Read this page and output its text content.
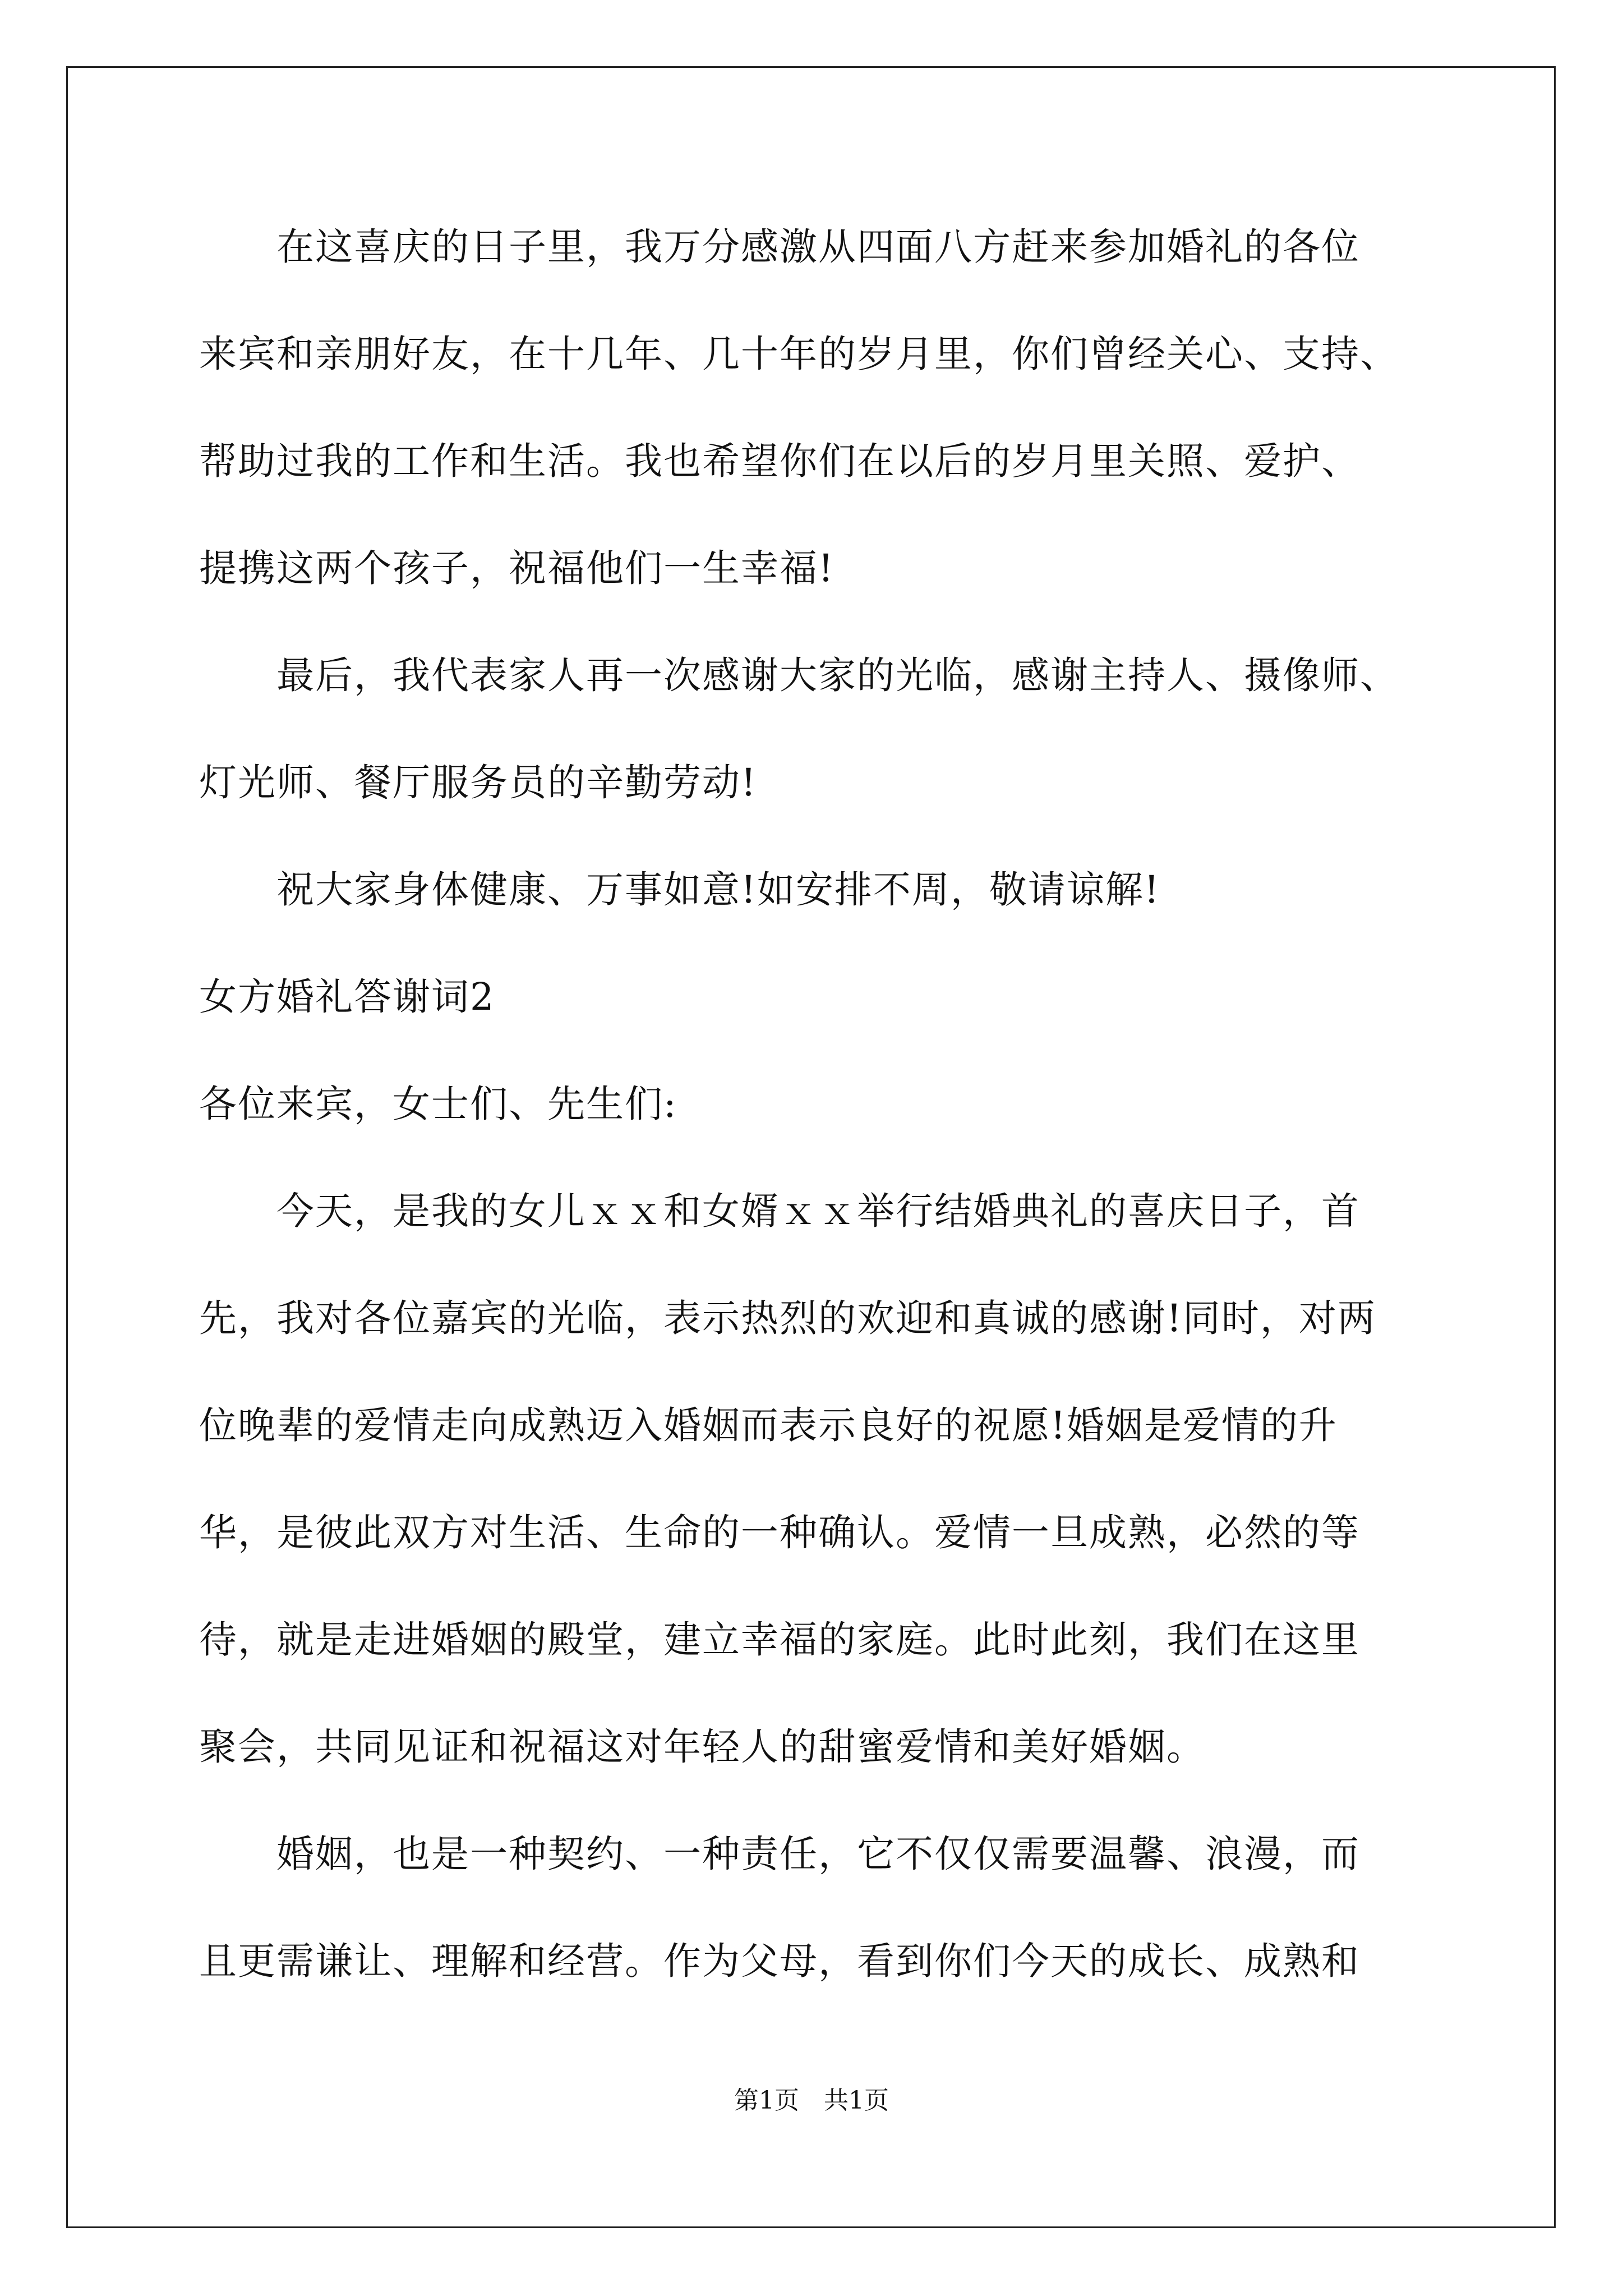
　　在这喜庆的日子里，我万分感激从四面八方赶来参加婚礼的各位
来宾和亲朋好友，在十几年、几十年的岁月里，你们曾经关心、支持、
帮助过我的工作和生活。我也希望你们在以后的岁月里关照、爱护、
提携这两个孩子，祝福他们一生幸福!
　　最后，我代表家人再一次感谢大家的光临，感谢主持人、摄像师、
灯光师、餐厅服务员的辛勤劳动!
　　祝大家身体健康、万事如意!如安排不周，敬请谅解!
女方婚礼答谢词2
各位来宾，女士们、先生们:
　　今天，是我的女儿ｘｘ和女婿ｘｘ举行结婚典礼的喜庆日子，首
先，我对各位嘉宾的光临，表示热烈的欢迎和真诚的感谢!同时，对两
位晚辈的爱情走向成熟迈入婚姻而表示良好的祝愿!婚姻是爱情的升
华，是彼此双方对生活、生命的一种确认。爱情一旦成熟，必然的等
待，就是走进婚姻的殿堂，建立幸福的家庭。此时此刻，我们在这里
聚会，共同见证和祝福这对年轻人的甜蜜爱情和美好婚姻。
　　婚姻，也是一种契约、一种责任，它不仅仅需要温馨、浪漫，而
且更需谦让、理解和经营。作为父母，看到你们今天的成长、成熟和
第1页　共1页
